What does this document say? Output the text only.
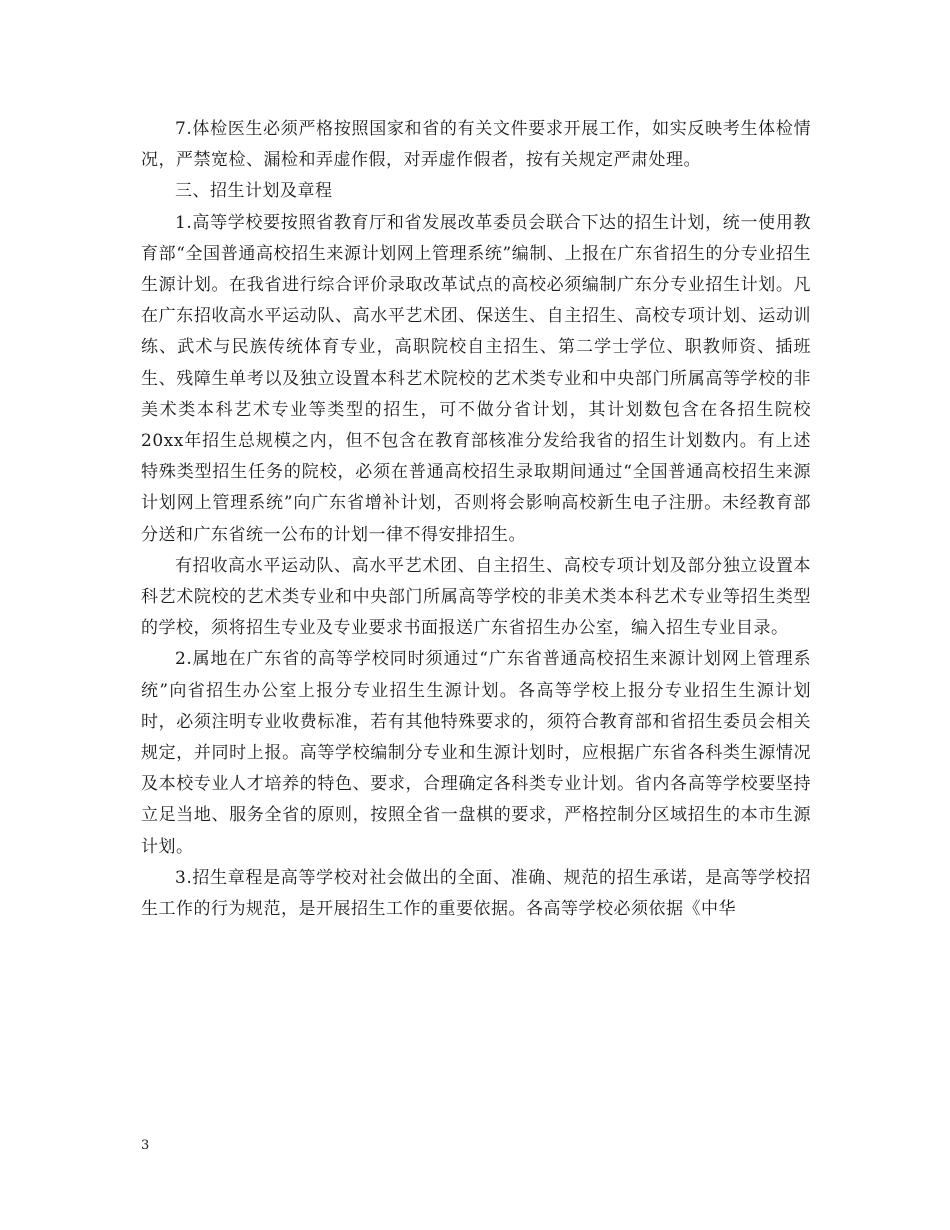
7.体检医生必须严格按照国家和省的有关文件要求开展工作，如实反映考生体检情况，严禁宽检、漏检和弄虚作假，对弄虚作假者，按有关规定严肃处理。

三、招生计划及章程

1.高等学校要按照省教育厅和省发展改革委员会联合下达的招生计划，统一使用教育部“全国普通高校招生来源计划网上管理系统”编制、上报在广东省招生的分专业招生生源计划。在我省进行综合评价录取改革试点的高校必须编制广东分专业招生计划。凡在广东招收高水平运动队、高水平艺术团、保送生、自主招生、高校专项计划、运动训练、武术与民族传统体育专业，高职院校自主招生、第二学士学位、职教师资、插班生、残障生单考以及独立设置本科艺术院校的艺术类专业和中央部门所属高等学校的非美术类本科艺术专业等类型的招生，可不做分省计划，其计划数包含在各招生院校20xx年招生总规模之内，但不包含在教育部核准分发给我省的招生计划数内。有上述特殊类型招生任务的院校，必须在普通高校招生录取期间通过“全国普通高校招生来源计划网上管理系统”向广东省增补计划，否则将会影响高校新生电子注册。未经教育部分送和广东省统一公布的计划一律不得安排招生。

有招收高水平运动队、高水平艺术团、自主招生、高校专项计划及部分独立设置本科艺术院校的艺术类专业和中央部门所属高等学校的非美术类本科艺术专业等招生类型的学校，须将招生专业及专业要求书面报送广东省招生办公室，编入招生专业目录。

2.属地在广东省的高等学校同时须通过“广东省普通高校招生来源计划网上管理系统”向省招生办公室上报分专业招生生源计划。各高等学校上报分专业招生生源计划时，必须注明专业收费标准，若有其他特殊要求的，须符合教育部和省招生委员会相关规定，并同时上报。高等学校编制分专业和生源计划时，应根据广东省各科类生源情况及本校专业人才培养的特色、要求，合理确定各科类专业计划。省内各高等学校要坚持立足当地、服务全省的原则，按照全省一盘棋的要求，严格控制分区域招生的本市生源计划。

3.招生章程是高等学校对社会做出的全面、准确、规范的招生承诺，是高等学校招生工作的行为规范，是开展招生工作的重要依据。各高等学校必须依据《中华

3
